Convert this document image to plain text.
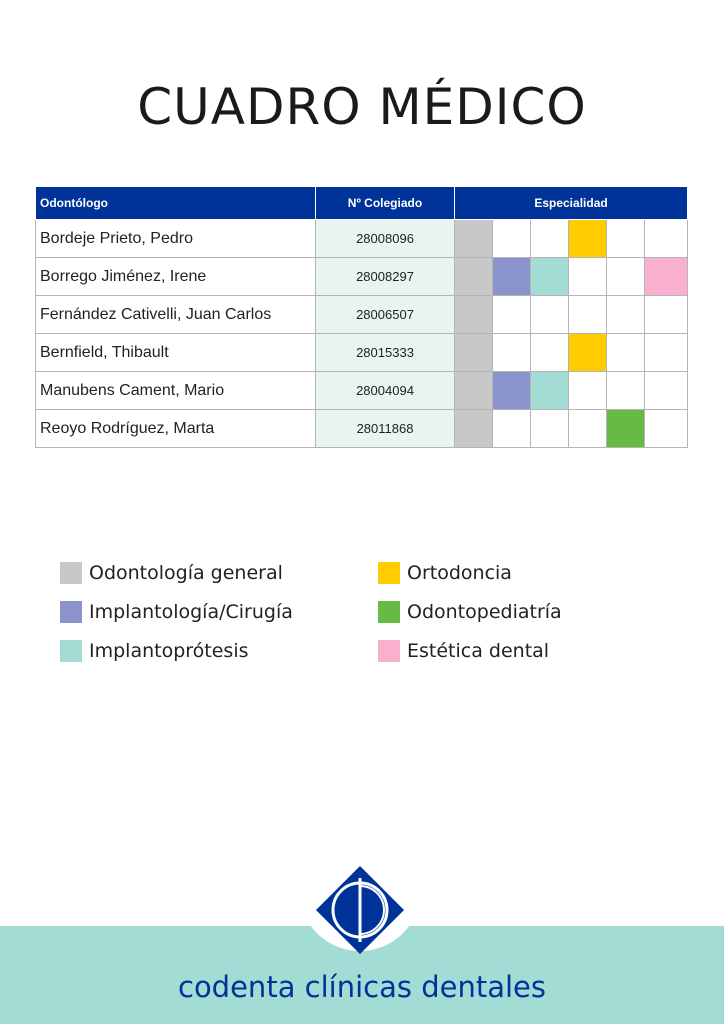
CUADRO MÉDICO
Odontólogo	Nº Colegiado	Especialidad					
Bordeje Prieto, Pedro	28008096						
Borrego Jiménez, Irene	28008297						
Fernández Cativelli, Juan Carlos	28006507						
Bernfield, Thibault	28015333						
Manubens Cament, Mario	28004094						
Reoyo Rodríguez, Marta	28011868						
Odontología general
Implantología/Cirugía
Implantoprótesis
Ortodoncia
Odontopediatría
Estética dental
codenta clínicas dentales
